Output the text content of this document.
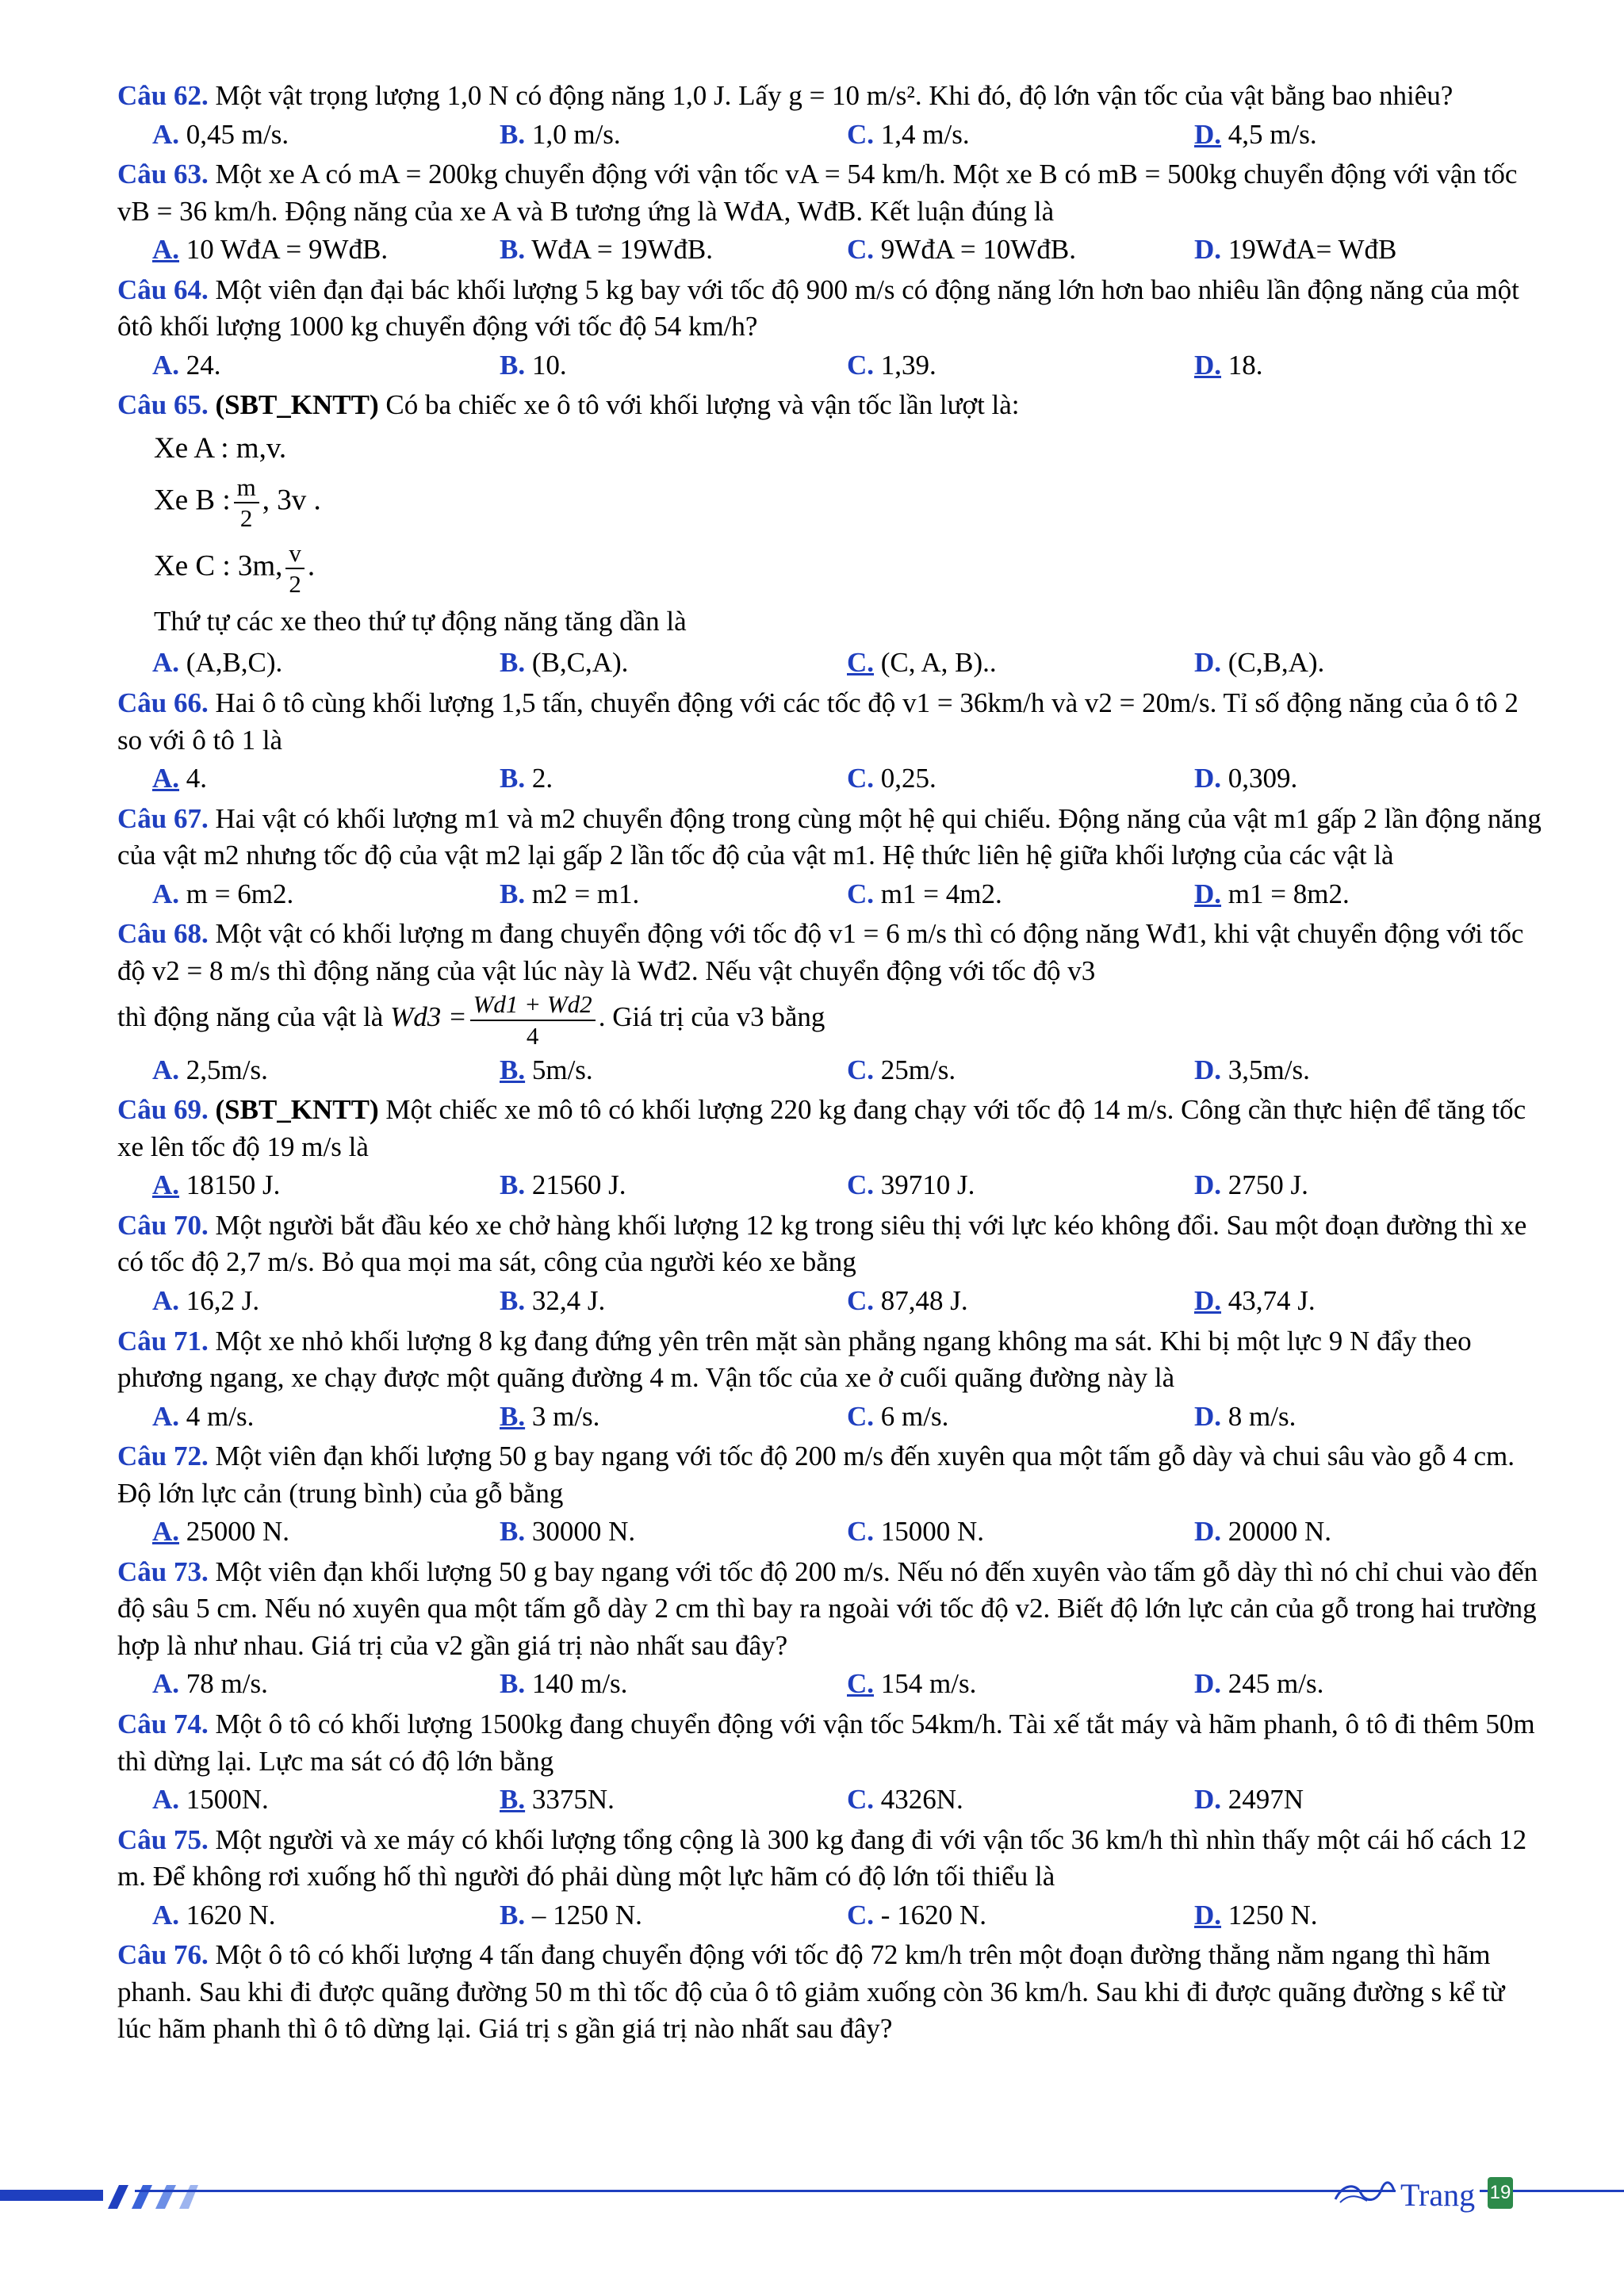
Câu 62. Một vật trọng lượng 1,0 N có động năng 1,0 J. Lấy g = 10 m/s². Khi đó, độ lớn vận tốc của vật bằng bao nhiêu?

A. 0,45 m/s.	B. 1,0 m/s.	C. 1,4 m/s.	D. 4,5 m/s.

Câu 63. Một xe A có mA = 200kg chuyển động với vận tốc vA = 54 km/h. Một xe B có mB = 500kg chuyển động với vận tốc vB = 36 km/h. Động năng của xe A và B tương ứng là WđA, WđB. Kết luận đúng là

A. 10 WđA = 9WđB.	B. WđA = 19WđB.	C. 9WđA = 10WđB.	D. 19WđA= WđB

Câu 64. Một viên đạn đại bác khối lượng 5 kg bay với tốc độ 900 m/s có động năng lớn hơn bao nhiêu lần động năng của một ôtô khối lượng 1000 kg chuyển động với tốc độ 54 km/h?

A. 24.	B. 10.	C. 1,39.	D. 18.

Câu 65. (SBT_KNTT) Có ba chiếc xe ô tô với khối lượng và vận tốc lần lượt là:

Xe A : m,v.
Xe B : $\frac{m}{2}$ , 3v .
Xe C : 3m, $\frac{v}{2}$ .
Thứ tự các xe theo thứ tự động năng tăng dần là
A. (A,B,C).	B. (B,C,A).	C. (C, A, B)..	D. (C,B,A).

Câu 66. Hai ô tô cùng khối lượng 1,5 tấn, chuyển động với các tốc độ v1 = 36km/h và v2 = 20m/s. Tỉ số động năng của ô tô 2 so với ô tô 1 là

A. 4.	B. 2.	C. 0,25.	D. 0,309.

Câu 67. Hai vật có khối lượng m1 và m2 chuyển động trong cùng một hệ qui chiếu. Động năng của vật m1 gấp 2 lần động năng của vật m2 nhưng tốc độ của vật m2 lại gấp 2 lần tốc độ của vật m1. Hệ thức liên hệ giữa khối lượng của các vật là

A. m = 6m2.	B. m2 = m1.	C. m1 = 4m2.	D. m1 = 8m2.

Câu 68. Một vật có khối lượng m đang chuyển động với tốc độ v1 = 6 m/s thì có động năng Wđ1, khi vật chuyển động với tốc độ v2 = 8 m/s thì động năng của vật lúc này là Wđ2. Nếu vật chuyển động với tốc độ v3

thì động năng của vật là $Wd3 = \frac{Wd1 + Wd2}{4}$ . Giá trị của v3 bằng

A. 2,5m/s.	B. 5m/s.	C. 25m/s.	D. 3,5m/s.

Câu 69. (SBT_KNTT) Một chiếc xe mô tô có khối lượng 220 kg đang chạy với tốc độ 14 m/s. Công cần thực hiện để tăng tốc xe lên tốc độ 19 m/s là

A. 18150 J.	B. 21560 J.	C. 39710 J.	D. 2750 J.

Câu 70. Một người bắt đầu kéo xe chở hàng khối lượng 12 kg trong siêu thị với lực kéo không đổi. Sau một đoạn đường thì xe có tốc độ 2,7 m/s. Bỏ qua mọi ma sát, công của người kéo xe bằng

A. 16,2 J.	B. 32,4 J.	C. 87,48 J.	D. 43,74 J.

Câu 71. Một xe nhỏ khối lượng 8 kg đang đứng yên trên mặt sàn phẳng ngang không ma sát. Khi bị một lực 9 N đẩy theo phương ngang, xe chạy được một quãng đường 4 m. Vận tốc của xe ở cuối quãng đường này là

A. 4 m/s.	B. 3 m/s.	C. 6 m/s.	D. 8 m/s.

Câu 72. Một viên đạn khối lượng 50 g bay ngang với tốc độ 200 m/s đến xuyên qua một tấm gỗ dày và chui sâu vào gỗ 4 cm. Độ lớn lực cản (trung bình) của gỗ bằng

A. 25000 N.	B. 30000 N.	C. 15000 N.	D. 20000 N.

Câu 73. Một viên đạn khối lượng 50 g bay ngang với tốc độ 200 m/s. Nếu nó đến xuyên vào tấm gỗ dày thì nó chỉ chui vào đến độ sâu 5 cm. Nếu nó xuyên qua một tấm gỗ dày 2 cm thì bay ra ngoài với tốc độ v2. Biết độ lớn lực cản của gỗ trong hai trường hợp là như nhau. Giá trị của v2 gần giá trị nào nhất sau đây?

A. 78 m/s.	B. 140 m/s.	C. 154 m/s.	D. 245 m/s.

Câu 74. Một ô tô có khối lượng 1500kg đang chuyển động với vận tốc 54km/h. Tài xế tắt máy và hãm phanh, ô tô đi thêm 50m thì dừng lại. Lực ma sát có độ lớn bằng

A. 1500N.	B. 3375N.	C. 4326N.	D. 2497N

Câu 75. Một người và xe máy có khối lượng tổng cộng là 300 kg đang đi với vận tốc 36 km/h thì nhìn thấy một cái hố cách 12 m. Để không rơi xuống hố thì người đó phải dùng một lực hãm có độ lớn tối thiểu là

A. 1620 N.	B. – 1250 N.	C. - 1620 N.	D. 1250 N.

Câu 76. Một ô tô có khối lượng 4 tấn đang chuyển động với tốc độ 72 km/h trên một đoạn đường thẳng nằm ngang thì hãm phanh. Sau khi đi được quãng đường 50 m thì tốc độ của ô tô giảm xuống còn 36 km/h. Sau khi đi được quãng đường s kể từ lúc hãm phanh thì ô tô dừng lại. Giá trị s gần giá trị nào nhất sau đây?

Trang 19
